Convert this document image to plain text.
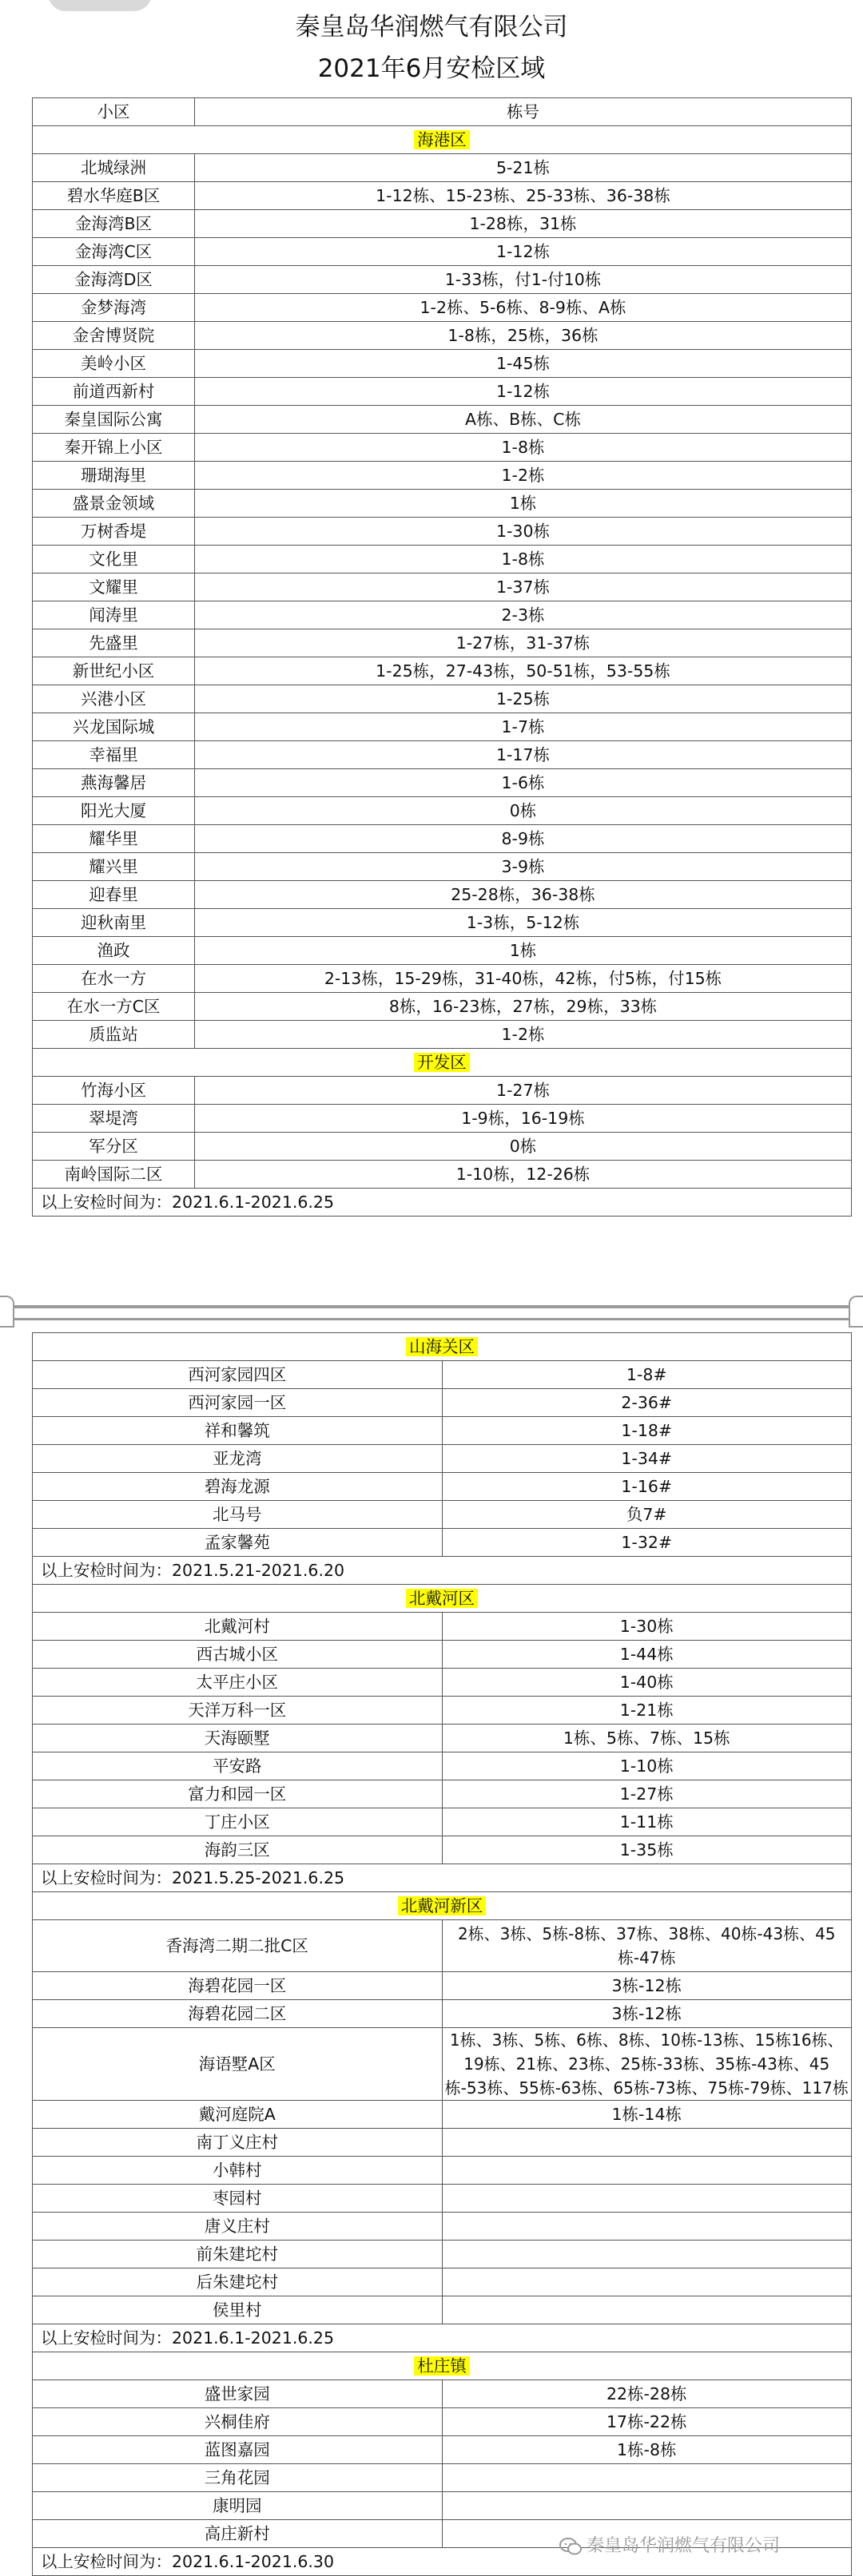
秦皇岛华润燃气有限公司
2021年6月安检区域
小区	栋号
海港区	
北城绿洲	5-21栋
碧水华庭B区	1-12栋、15-23栋、25-33栋、36-38栋
金海湾B区	1-28栋，31栋
金海湾C区	1-12栋
金海湾D区	1-33栋，付1-付10栋
金梦海湾	1-2栋、5-6栋、8-9栋、A栋
金舍博贤院	1-8栋，25栋，36栋
美岭小区	1-45栋
前道西新村	1-12栋
秦皇国际公寓	A栋、B栋、C栋
秦开锦上小区	1-8栋
珊瑚海里	1-2栋
盛景金领域	1栋
万树香堤	1-30栋
文化里	1-8栋
文耀里	1-37栋
闻涛里	2-3栋
先盛里	1-27栋，31-37栋
新世纪小区	1-25栋，27-43栋，50-51栋，53-55栋
兴港小区	1-25栋
兴龙国际城	1-7栋
幸福里	1-17栋
燕海馨居	1-6栋
阳光大厦	0栋
耀华里	8-9栋
耀兴里	3-9栋
迎春里	25-28栋，36-38栋
迎秋南里	1-3栋，5-12栋
渔政	1栋
在水一方	2-13栋，15-29栋，31-40栋，42栋，付5栋，付15栋
在水一方C区	8栋，16-23栋，27栋，29栋，33栋
质监站	1-2栋
开发区	
竹海小区	1-27栋
翠堤湾	1-9栋，16-19栋
军分区	0栋
南岭国际二区	1-10栋，12-26栋
以上安检时间为：2021.6.1-2021.6.25	
山海关区	
西河家园四区	1-8#
西河家园一区	2-36#
祥和馨筑	1-18#
亚龙湾	1-34#
碧海龙源	1-16#
北马号	负7#
孟家馨苑	1-32#
以上安检时间为：2021.5.21-2021.6.20	
北戴河区	
北戴河村	1-30栋
西古城小区	1-44栋
太平庄小区	1-40栋
天洋万科一区	1-21栋
天海颐墅	1栋、5栋、7栋、15栋
平安路	1-10栋
富力和园一区	1-27栋
丁庄小区	1-11栋
海韵三区	1-35栋
以上安检时间为：2021.5.25-2021.6.25	
北戴河新区	
香海湾二期二批C区	2栋、3栋、5栋-8栋、37栋、38栋、40栋-43栋、45栋-47栋
海碧花园一区	3栋-12栋
海碧花园二区	3栋-12栋
海语墅A区	1栋、3栋、5栋、6栋、8栋、10栋-13栋、15栋16栋、19栋、21栋、23栋、25栋-33栋、35栋-43栋、45栋-53栋、55栋-63栋、65栋-73栋、75栋-79栋、117栋
戴河庭院A	1栋-14栋
南丁义庄村	
小韩村	
枣园村	
唐义庄村	
前朱建坨村	
后朱建坨村	
侯里村	
以上安检时间为：2021.6.1-2021.6.25	
杜庄镇	
盛世家园	22栋-28栋
兴桐佳府	17栋-22栋
蓝图嘉园	1栋-8栋
三角花园	
康明园	
高庄新村	
以上安检时间为：2021.6.1-2021.6.30	
秦皇岛华润燃气有限公司
